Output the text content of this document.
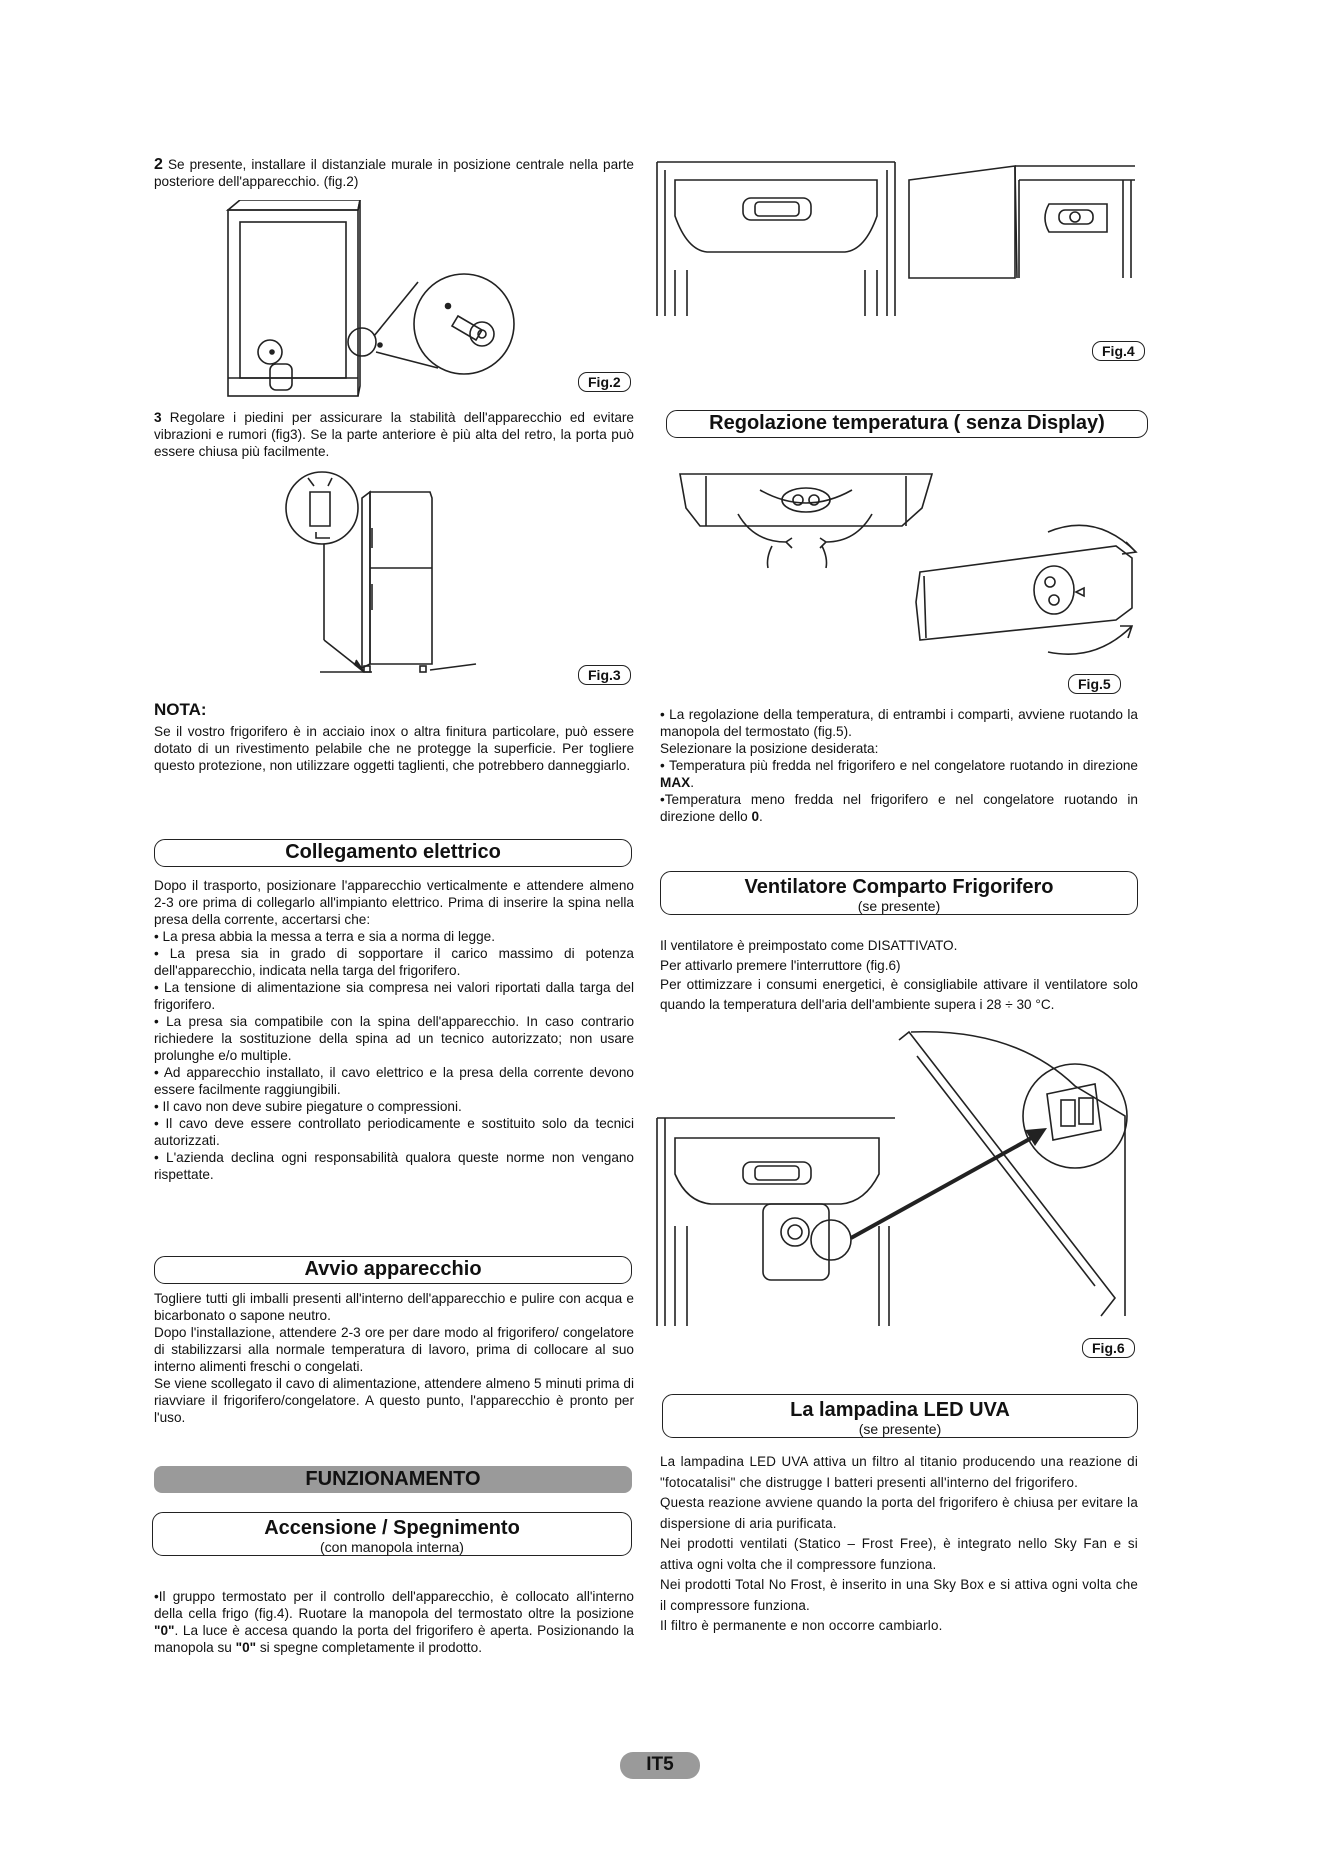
2 Se presente, installare il distanziale murale in posizione centrale nella parte posteriore dell'apparecchio. (fig.2)

Fig.2

3 Regolare i piedini per assicurare la stabilità dell'apparecchio ed evitare vibrazioni e rumori (fig3). Se la parte anteriore è più alta del retro, la porta può essere chiusa più facilmente.

Fig.3
NOTA:

Se il vostro frigorifero è in acciaio inox o altra finitura particolare, può essere dotato di un rivestimento pelabile che ne protegge la superficie. Per togliere questo protezione, non utilizzare oggetti taglienti, che potrebbero danneggiarlo.

Collegamento elettrico

Dopo il trasporto, posizionare l'apparecchio verticalmente e attendere almeno 2-3 ore prima di collegarlo all'impianto elettrico. Prima di inserire la spina nella presa della corrente, accertarsi che:

• La presa abbia la messa a terra e sia a norma di legge.

• La presa sia in grado di sopportare il carico massimo di potenza dell'apparecchio, indicata nella targa del frigorifero.

• La tensione di alimentazione sia compresa nei valori riportati dalla targa del frigorifero.

• La presa sia compatibile con la spina dell'apparecchio. In caso contrario richiedere la sostituzione della spina ad un tecnico autorizzato; non usare prolunghe e/o multiple.

• Ad apparecchio installato, il cavo elettrico e la presa della corrente devono essere facilmente raggiungibili.

• Il cavo non deve subire piegature o compressioni.

• Il cavo deve essere controllato periodicamente e sostituito solo da tecnici autorizzati.

• L'azienda declina ogni responsabilità qualora queste norme non vengano rispettate.

Avvio apparecchio

Togliere tutti gli imballi presenti all'interno dell'apparecchio e pulire con acqua e bicarbonato o sapone neutro.

Dopo l'installazione, attendere 2-3 ore per dare modo al frigorifero/ congelatore di stabilizzarsi alla normale temperatura di lavoro, prima di collocare al suo interno alimenti freschi o congelati.

Se viene scollegato il cavo di alimentazione, attendere almeno 5 minuti prima di riavviare il frigorifero/congelatore. A questo punto, l'apparecchio è pronto per l'uso.

FUNZIONAMENTO
Accensione / Spegnimento
(con manopola interna)

•Il gruppo termostato per il controllo dell'apparecchio, è collocato all'interno della cella frigo (fig.4). Ruotare la manopola del termostato oltre la posizione "0". La luce è accesa quando la porta del frigorifero è aperta. Posizionando la manopola su "0" si spegne completamente il prodotto.

Fig.4
Regolazione temperatura ( senza Display)
Fig.5

• La regolazione della temperatura, di entrambi i comparti, avviene ruotando la manopola del termostato (fig.5).

Selezionare la posizione desiderata:

• Temperatura più fredda nel frigorifero e nel congelatore ruotando in direzione MAX.

•Temperatura meno fredda nel frigorifero e nel congelatore ruotando in direzione dello 0.

Ventilatore Comparto Frigorifero
(se presente)

Il ventilatore è preimpostato come DISATTIVATO.

Per attivarlo premere l'interruttore (fig.6)

Per ottimizzare i consumi energetici, è consigliabile attivare il ventilatore solo quando la temperatura dell'aria dell'ambiente supera i 28 ÷ 30 °C.

Fig.6
La lampadina LED UVA
(se presente)

La lampadina LED UVA attiva un filtro al titanio producendo una reazione di "fotocatalisi" che distrugge I batteri presenti all'interno del frigorifero.

Questa reazione avviene quando la porta del frigorifero è chiusa per evitare la dispersione di aria purificata.

Nei prodotti ventilati (Statico – Frost Free), è integrato nello Sky Fan e si attiva ogni volta che il compressore funziona.

Nei prodotti Total No Frost, è inserito in una Sky Box e si attiva ogni volta che il compressore funziona.

Il filtro è permanente e non occorre cambiarlo.

IT5
